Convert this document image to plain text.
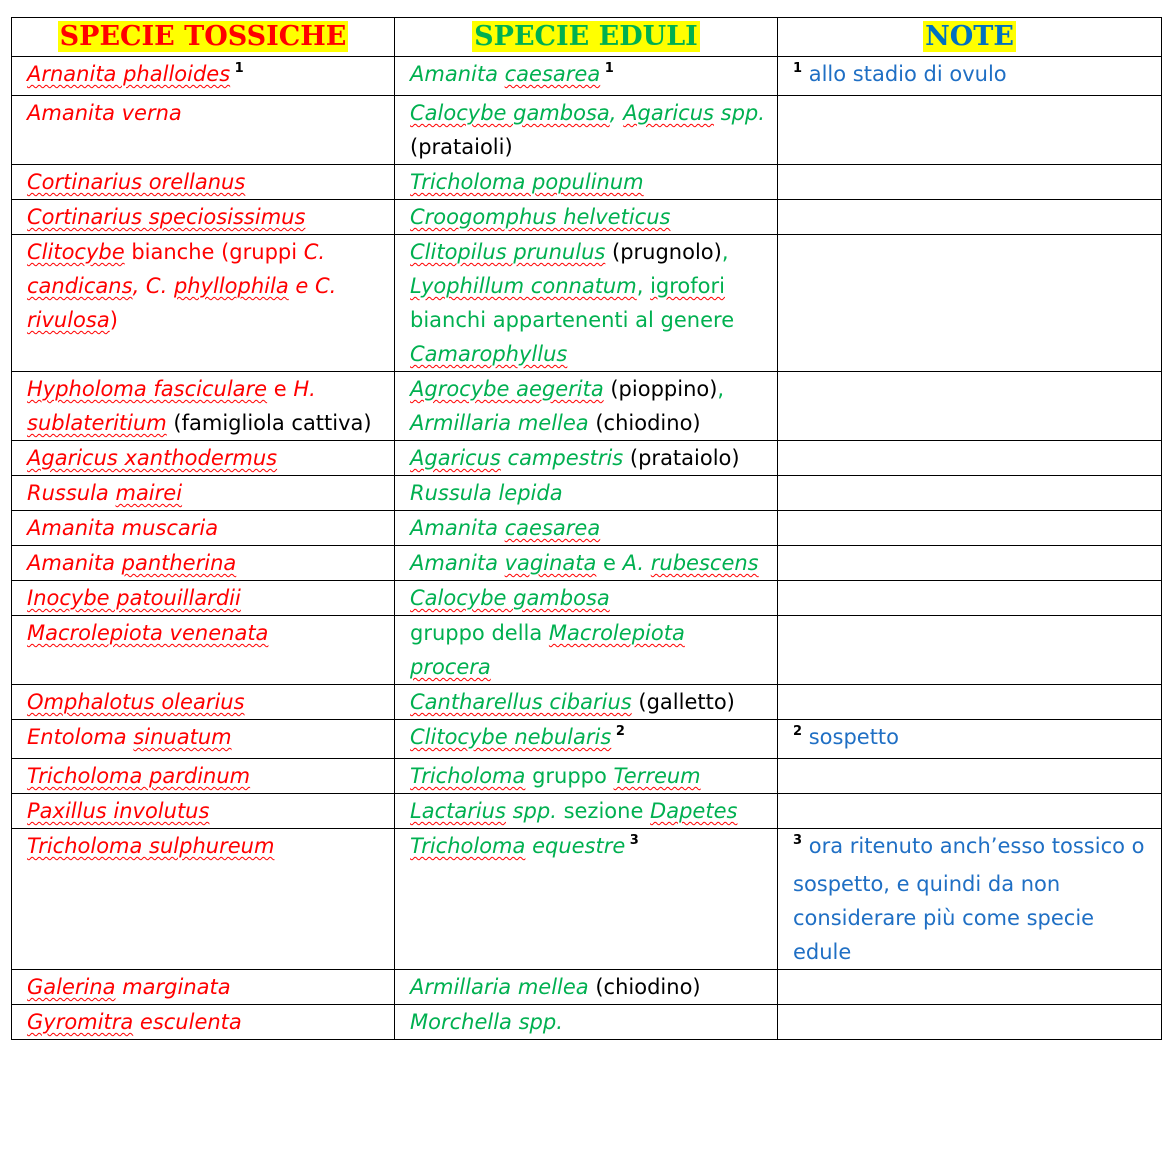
SPECIE TOSSICHE	SPECIE EDULI	NOTE
Arnanita phalloides $^1$	Amanita caesarea $^1$	$^1$ allo stadio di ovulo
Amanita verna	Calocybe gambosa, Agaricus spp. (prataioli)	
Cortinarius orellanus	Tricholoma populinum	
Cortinarius speciosissimus	Croogomphus helveticus	
Clitocybe bianche (gruppi C. candicans, C. phyllophila e C. rivulosa)	Clitopilus prunulus (prugnolo), Lyophillum connatum, igrofori bianchi appartenenti al genere Camarophyllus	
Hypholoma fasciculare e H. sublateritium (famigliola cattiva)	Agrocybe aegerita (pioppino), Armillaria mellea (chiodino)	
Agaricus xanthodermus	Agaricus campestris (prataiolo)	
Russula mairei	Russula lepida	
Amanita muscaria	Amanita caesarea	
Amanita pantherina	Amanita vaginata e A. rubescens	
Inocybe patouillardii	Calocybe gambosa	
Macrolepiota venenata	gruppo della Macrolepiota procera	
Omphalotus olearius	Cantharellus cibarius (galletto)	
Entoloma sinuatum	Clitocybe nebularis $^2$	$^2$ sospetto
Tricholoma pardinum	Tricholoma gruppo Terreum	
Paxillus involutus	Lactarius spp. sezione Dapetes	
Tricholoma sulphureum	Tricholoma equestre $^3$	$^3$ ora ritenuto anch’esso tossico o sospetto, e quindi da non considerare più come specie edule
Galerina marginata	Armillaria mellea (chiodino)	
Gyromitra esculenta	Morchella spp.	
